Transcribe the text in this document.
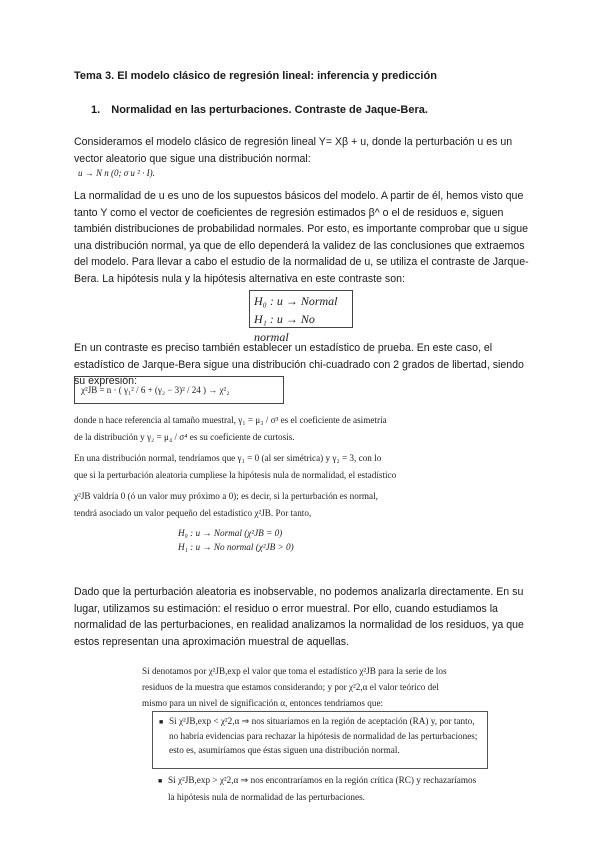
Tema 3. El modelo clásico de regresión lineal: inferencia y predicción
1. Normalidad en las perturbaciones. Contraste de Jaque-Bera.
Consideramos el modelo clásico de regresión lineal Y= Xβ + u, donde la perturbación u es un vector aleatorio que sigue una distribución normal:
u → N n (0; σ u ² · I).
La normalidad de u es uno de los supuestos básicos del modelo. A partir de él, hemos visto que tanto Y como el vector de coeficientes de regresión estimados β^ o el de residuos e, siguen también distribuciones de probabilidad normales. Por esto, es importante comprobar que u sigue una distribución normal, ya que de ello dependerá la validez de las conclusiones que extraemos del modelo. Para llevar a cabo el estudio de la normalidad de u, se utiliza el contraste de Jarque-Bera. La hipótesis nula y la hipótesis alternativa en este contraste son:
H₀ : u → Normal
H₁ : u → No normal
En un contraste es preciso también establecer un estadístico de prueba. En este caso, el estadístico de Jarque-Bera sigue una distribución chi-cuadrado con 2 grados de libertad, siendo su expresión:
χ²JB = n · ( γ₁² / 6 + (γ₂ − 3)² / 24 ) → χ²₂
donde n hace referencia al tamaño muestral, γ₁ = μ₃ / σ³ es el coeficiente de asimetría
de la distribución y γ₂ = μ₄ / σ⁴ es su coeficiente de curtosis.
En una distribución normal, tendríamos que γ₁ = 0 (al ser simétrica) y γ₂ = 3, con lo
que si la perturbación aleatoria cumpliese la hipótesis nula de normalidad, el estadístico
χ²JB valdría 0 (ó un valor muy próximo a 0); es decir, si la perturbación es normal,
tendrá asociado un valor pequeño del estadístico χ²JB. Por tanto,
H₀ : u → Normal (χ²JB = 0)
H₁ : u → No normal (χ²JB > 0)
Dado que la perturbación aleatoria es inobservable, no podemos analizarla directamente. En su lugar, utilizamos su estimación: el residuo o error muestral. Por ello, cuando estudiamos la normalidad de las perturbaciones, en realidad analizamos la normalidad de los residuos, ya que estos representan una aproximación muestral de aquellas.
Si denotamos por χ²JB,exp el valor que toma el estadístico χ²JB para la serie de los
residuos de la muestra que estamos considerando; y por χ²2,α el valor teórico del
mismo para un nivel de significación α, entonces tendríamos que:
■ Si χ²JB,exp < χ²2,α ⇒ nos situaríamos en la región de aceptación (RA) y, por tanto,
no habría evidencias para rechazar la hipótesis de normalidad de las perturbaciones;
esto es, asumiríamos que éstas siguen una distribución normal.
■ Si χ²JB,exp > χ²2,α ⇒ nos encontraríamos en la región crítica (RC) y rechazaríamos
la hipótesis nula de normalidad de las perturbaciones.
